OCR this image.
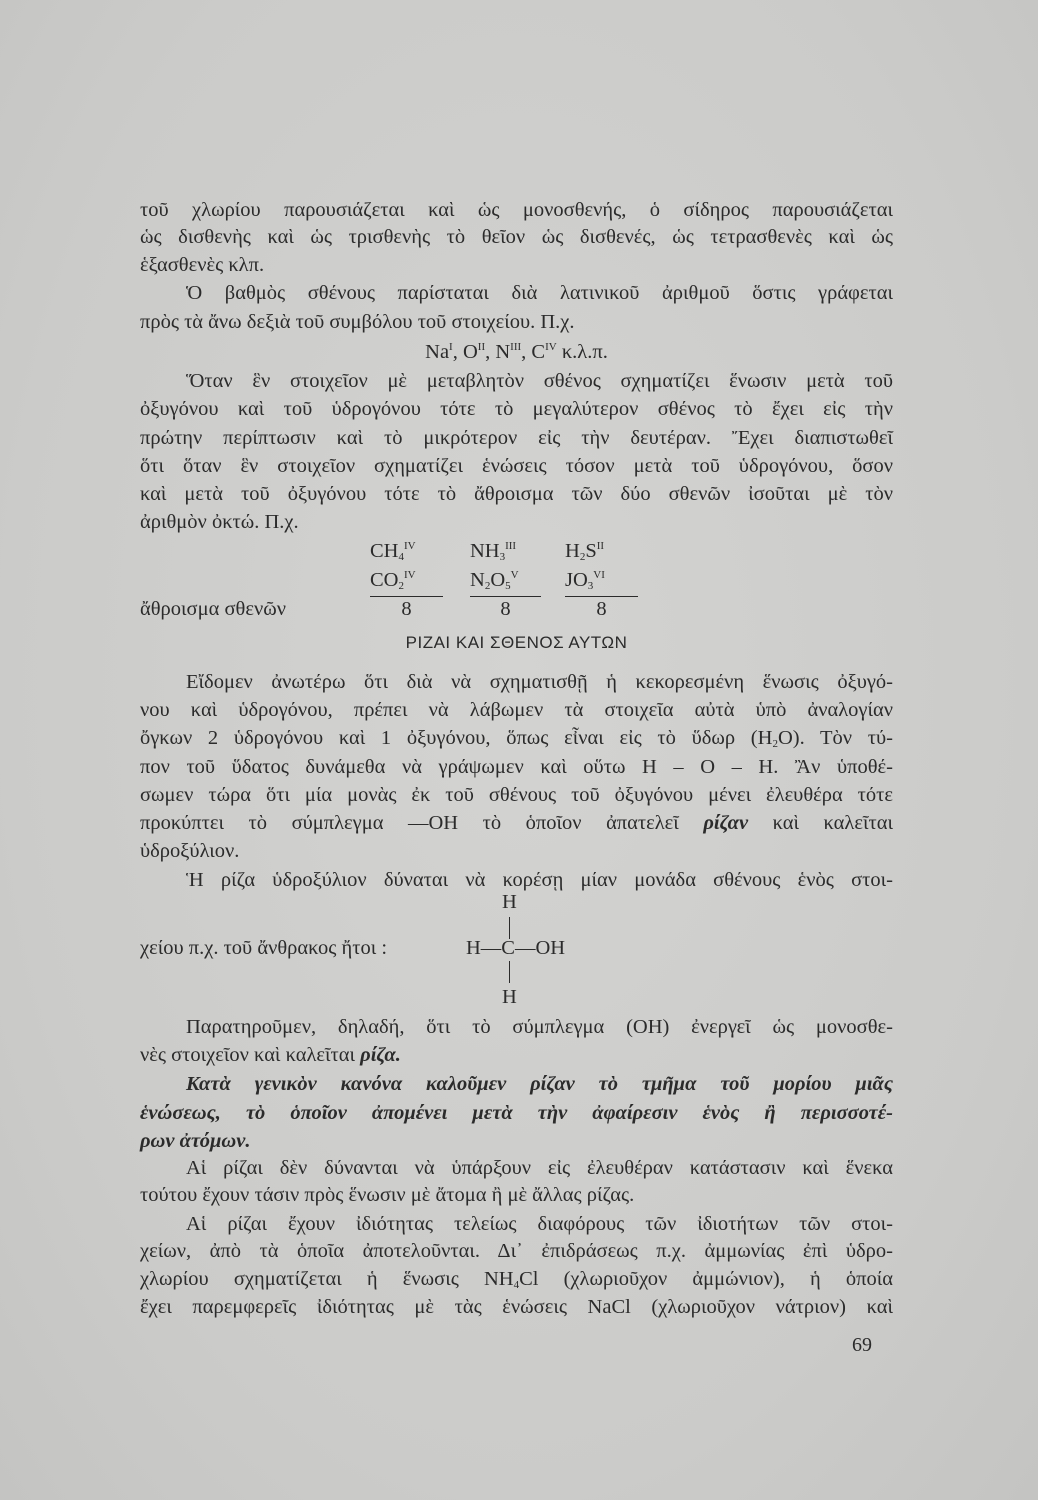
ΡΙΖΑΙ ΚΑΙ ΣΘΕΝΟΣ ΑΥΤΩΝ
ἄθροισμα σθενῶν
χείου π.χ. τοῦ ἄνθρακος ἤτοι :
H
H—C—OH
H
69
τοῦ χλωρίου παρουσιάζεται καὶ ὡς μονοσθενής, ὁ σίδηρος παρουσιάζεται
ὡς δισθενὴς καὶ ὡς τρισθενὴς τὸ θεῖον ὡς δισθενές, ὡς τετρασθενὲς καὶ ὡς
ἑξασθενὲς κλπ.
Ὁ βαθμὸς σθένους παρίσταται διὰ λατινικοῦ ἀριθμοῦ ὅστις γράφεται
πρὸς τὰ ἄνω δεξιὰ τοῦ συμβόλου τοῦ στοιχείου. Π.χ.
$Na^I$, $O^{II}$, $N^{III}$, $C^{IV}$ κ.λ.π.
Ὅταν ἓν στοιχεῖον μὲ μεταβλητὸν σθένος σχηματίζει ἕνωσιν μετὰ τοῦ
ὀξυγόνου καὶ τοῦ ὑδρογόνου τότε τὸ μεγαλύτερον σθένος τὸ ἔχει εἰς τὴν
πρώτην περίπτωσιν καὶ τὸ μικρότερον εἰς τὴν δευτέραν. Ἔχει διαπιστωθεῖ
ὅτι ὅταν ἓν στοιχεῖον σχηματίζει ἑνώσεις τόσον μετὰ τοῦ ὑδρογόνου, ὅσον
καὶ μετὰ τοῦ ὀξυγόνου τότε τὸ ἄθροισμα τῶν δύο σθενῶν ἰσοῦται μὲ τὸν
ἀριθμὸν ὀκτώ. Π.χ.
Εἴδομεν ἀνωτέρω ὅτι διὰ νὰ σχηματισθῇ ἡ κεκορεσμένη ἕνωσις ὀξυγό-
νου καὶ ὑδρογόνου, πρέπει νὰ λάβωμεν τὰ στοιχεῖα αὐτὰ ὑπὸ ἀναλογίαν
ὄγκων 2 ὑδρογόνου καὶ 1 ὀξυγόνου, ὅπως εἶναι εἰς τὸ ὕδωρ $(H_2O)$. Τὸν τύ-
πον τοῦ ὕδατος δυνάμεθα νὰ γράψωμεν καὶ οὕτω H – O – H. Ἂν ὑποθέ-
σωμεν τώρα ὅτι μία μονὰς ἐκ τοῦ σθένους τοῦ ὀξυγόνου μένει ἐλευθέρα τότε
προκύπτει τὸ σύμπλεγμα —OH τὸ ὁποῖον ἀπατελεῖ ρίζαν καὶ καλεῖται
ὑδροξύλιον.
Ἡ ρίζα ὑδροξύλιον δύναται νὰ κορέσῃ μίαν μονάδα σθένους ἑνὸς στοι-
Παρατηροῦμεν, δηλαδή, ὅτι τὸ σύμπλεγμα (OH) ἐνεργεῖ ὡς μονοσθε-
νὲς στοιχεῖον καὶ καλεῖται ρίζα.
Κατὰ γενικὸν κανόνα καλοῦμεν ρίζαν τὸ τμῆμα τοῦ μορίου μιᾶς
ἑνώσεως, τὸ ὁποῖον ἀπομένει μετὰ τὴν ἀφαίρεσιν ἑνὸς ἢ περισσοτέ-
ρων ἀτόμων.
Αἱ ρίζαι δὲν δύνανται νὰ ὑπάρξουν εἰς ἐλευθέραν κατάστασιν καὶ ἕνεκα
τούτου ἔχουν τάσιν πρὸς ἕνωσιν μὲ ἄτομα ἢ μὲ ἄλλας ρίζας.
Αἱ ρίζαι ἔχουν ἰδιότητας τελείως διαφόρους τῶν ἰδιοτήτων τῶν στοι-
χείων, ἀπὸ τὰ ὁποῖα ἀποτελοῦνται. Δι᾽ ἐπιδράσεως π.χ. ἀμμωνίας ἐπὶ ὑδρο-
χλωρίου σχηματίζεται ἡ ἕνωσις $NH_4Cl$ (χλωριοῦχον ἀμμώνιον), ἡ ὁποία
ἔχει παρεμφερεῖς ἰδιότητας μὲ τὰς ἑνώσεις NaCl (χλωριοῦχον νάτριον) καὶ
$CH_4^{IV}$
$CO_2^{IV}$
8
$NH_3^{III}$
$N_2O_5^V$
8
$H_2S^{II}$
$JO_3^{VI}$
8
